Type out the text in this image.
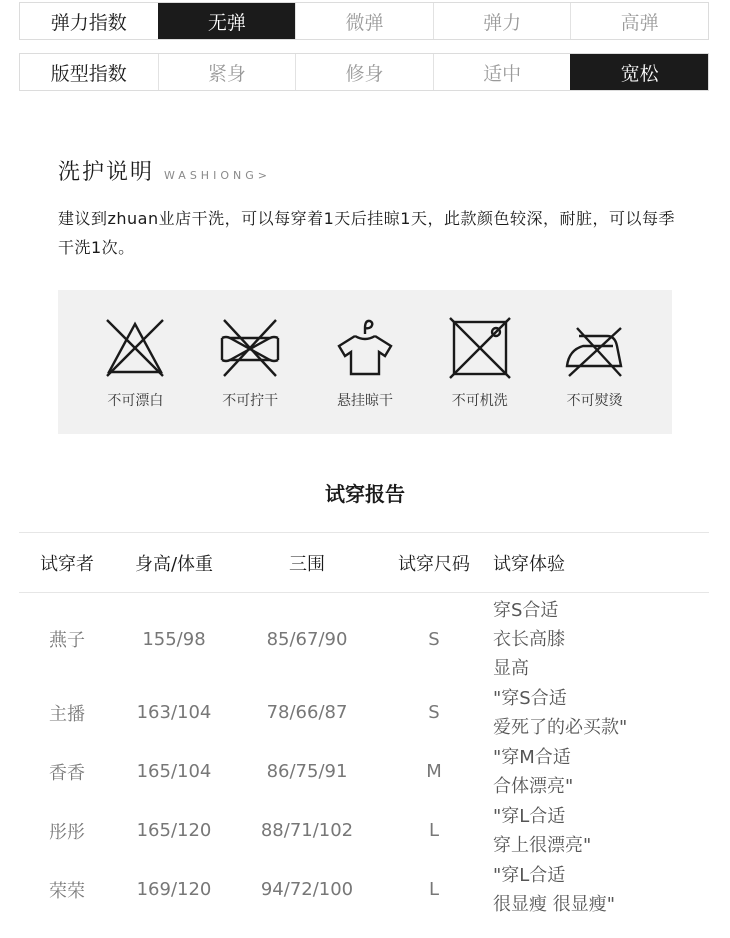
弹力指数	无弹	微弹	弹力	高弹
版型指数	紧身	修身	适中	宽松
洗护说明 WASHIONG>
建议到zhuan业店干洗，可以每穿着1天后挂晾1天，此款颜色较深，耐脏，可以每季干洗1次。
不可漂白	不可拧干	悬挂晾干	不可机洗	不可熨烫
试穿报告
试穿者	身高/体重	三围	试穿尺码	试穿体验
燕子	155/98	85/67/90	S
穿S合适
衣长高膝
显高
主播	163/104	78/66/87	S
"穿S合适
爱死了的必买款"
香香	165/104	86/75/91	M
"穿M合适
合体漂亮"
彤彤	165/120	88/71/102	L
"穿L合适
穿上很漂亮"
荣荣	169/120	94/72/100	L
"穿L合适
很显瘦 很显瘦"
